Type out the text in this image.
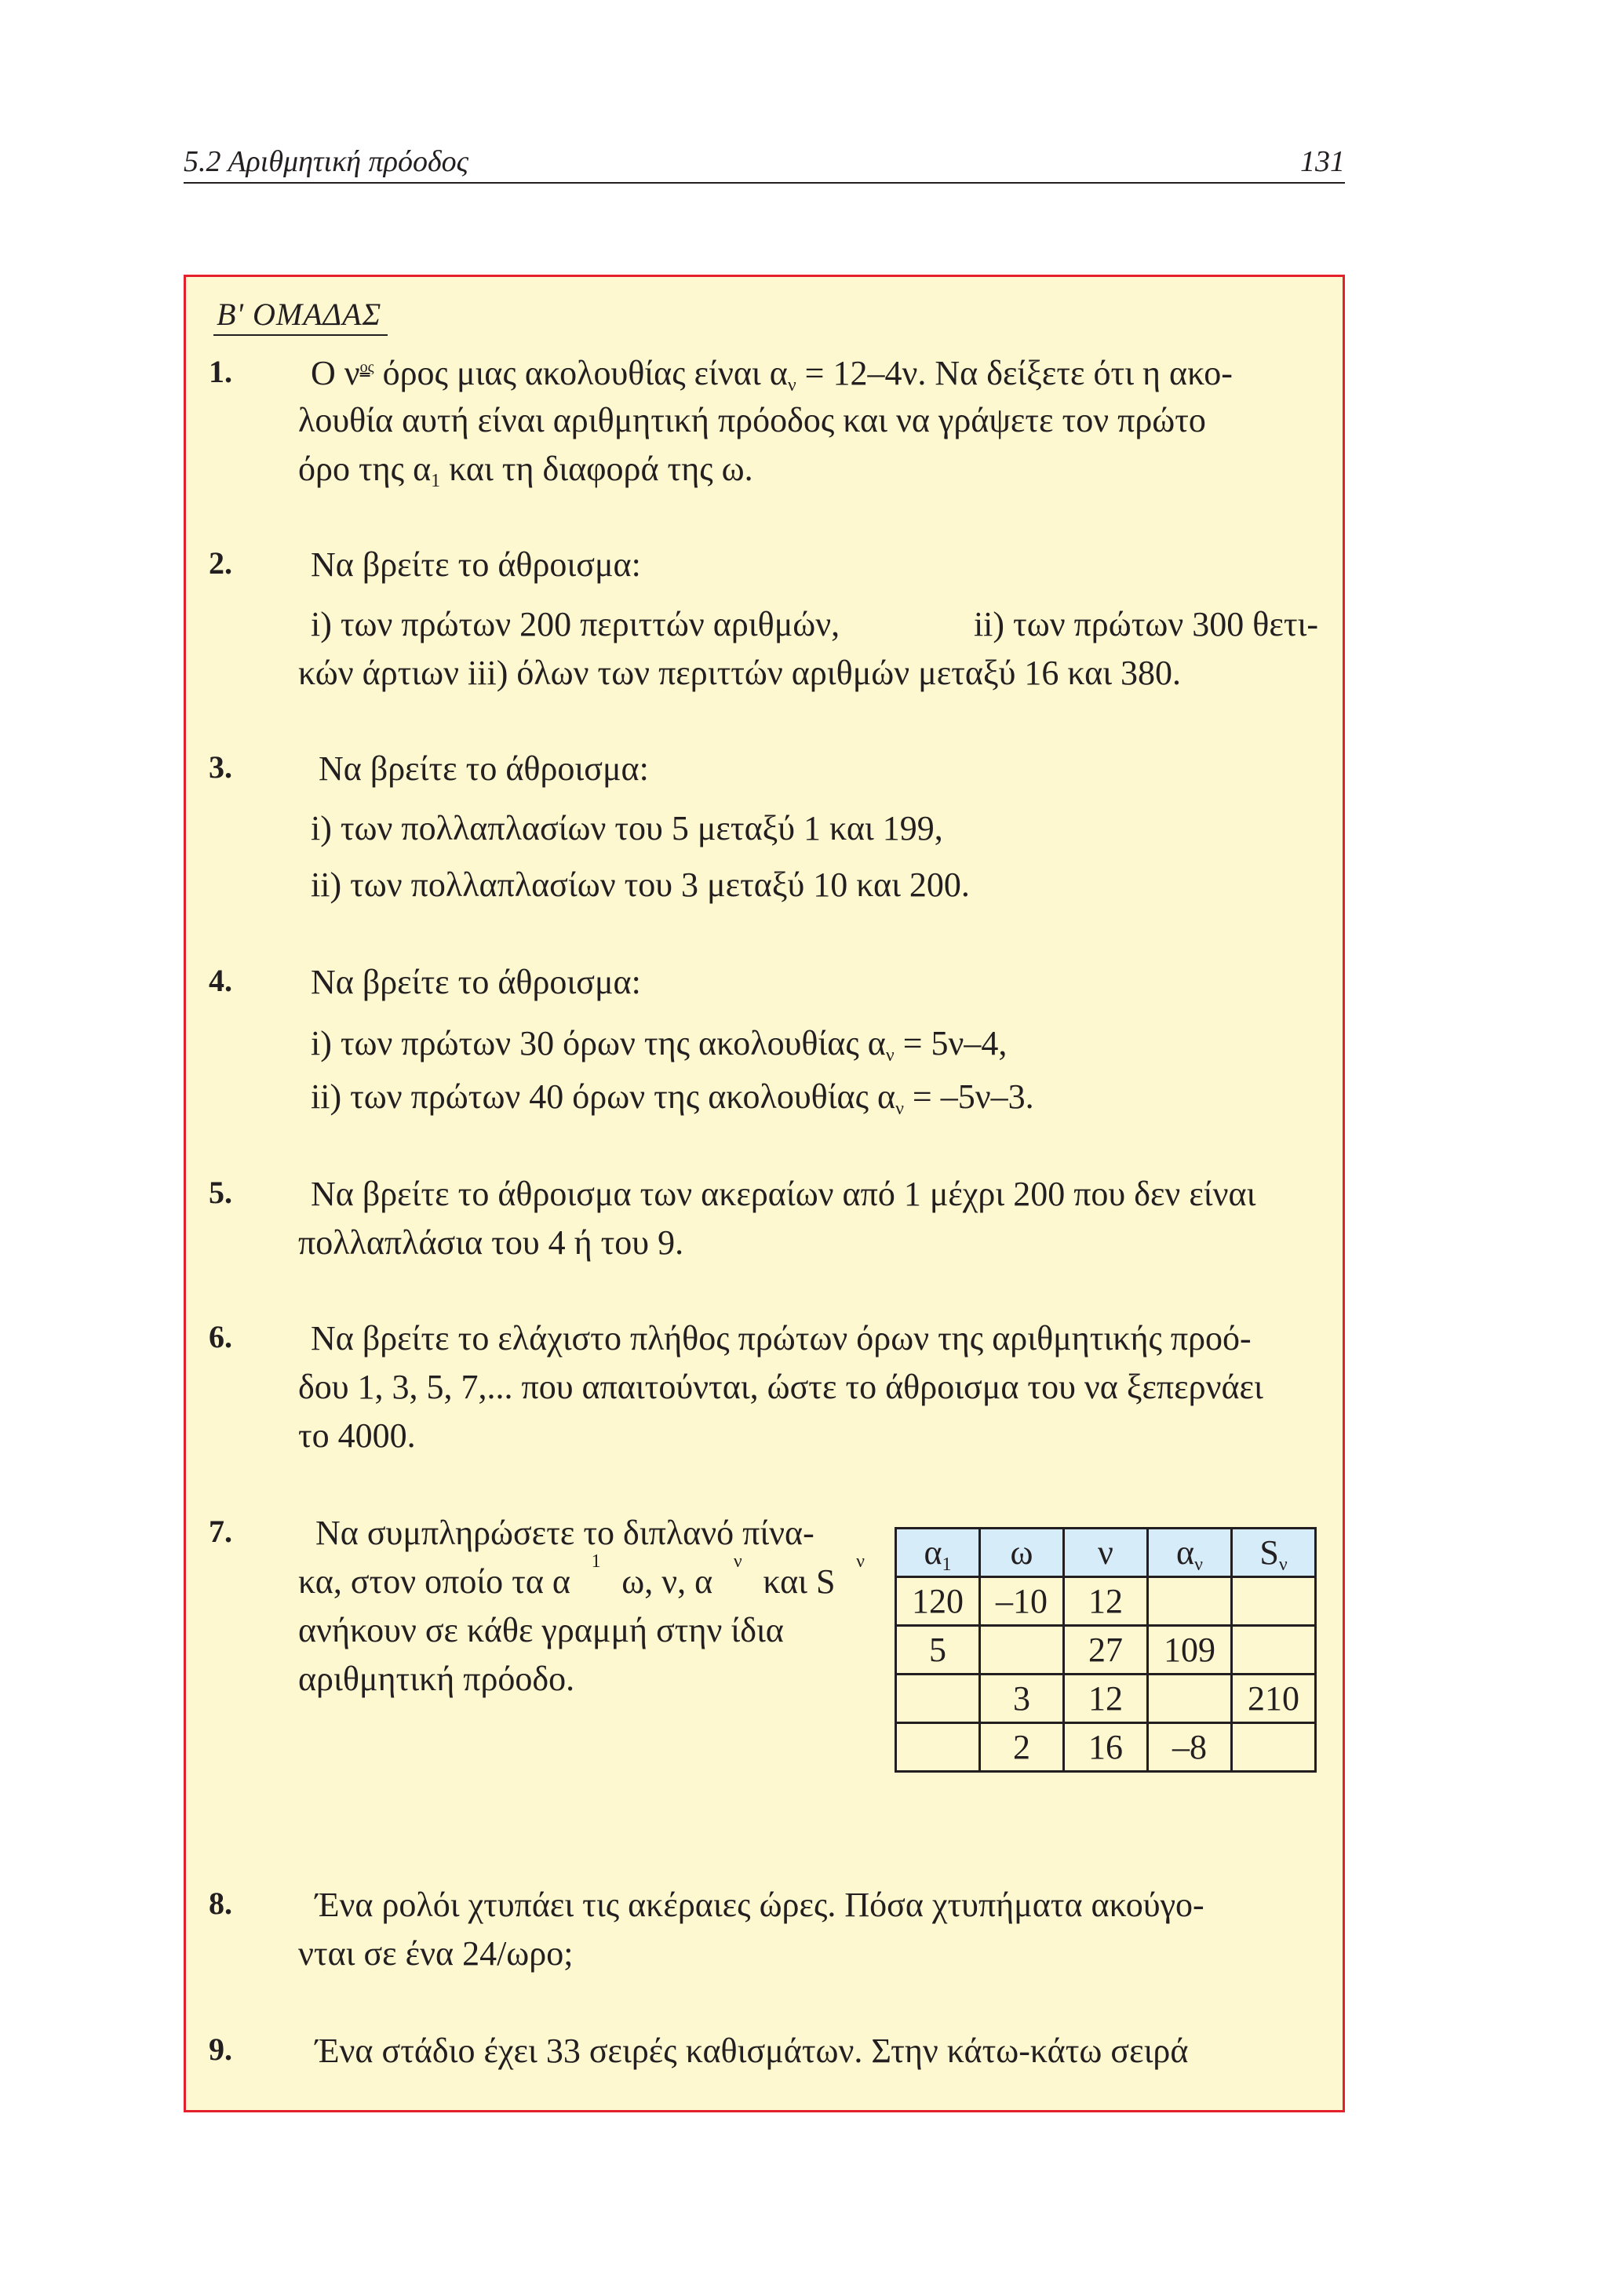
5.2 Αριθμητική πρόοδος	131
B' ΟΜΑΔΑΣ
1. Ο νος όρος μιας ακολουθίας είναι $\alpha_\nu = 12-4\nu$. Να δείξετε ότι η ακο-
λουθία αυτή είναι αριθμητική πρόοδος και να γράψετε τον πρώτο
όρο της $\alpha_1$ και τη διαφορά της ω.
2. Να βρείτε το άθροισμα:
i) των πρώτων 200 περιττών αριθμών,	ii) των πρώτων 300 θετι-
κών άρτιων iii) όλων των περιττών αριθμών μεταξύ 16 και 380.
3.	Να βρείτε το άθροισμα:
i) των πολλαπλασίων του 5 μεταξύ 1 και 199,
ii) των πολλαπλασίων του 3 μεταξύ 10 και 200.
4. Να βρείτε το άθροισμα:
i) των πρώτων 30 όρων της ακολουθίας $\alpha_\nu = 5\nu-4$,
ii) των πρώτων 40 όρων της ακολουθίας $\alpha_\nu = -5\nu-3$.
5. Να βρείτε το άθροισμα των ακεραίων από 1 μέχρι 200 που δεν είναι
πολλαπλάσια του 4 ή του 9.
6. Να βρείτε το ελάχιστο πλήθος πρώτων όρων της αριθμητικής προό-
δου 1, 3, 5, 7,... που απαιτούνται, ώστε το άθροισμα του να ξεπερνάει
το 4000.
7. Να συμπληρώσετε το διπλανό πίνα-
κα, στον οποίο τα α
1
ω, ν, α
ν
και S
ν
ανήκουν σε κάθε γραμμή στην ίδια
αριθμητική πρόοδο.
$\alpha_1$	ω	ν	$\alpha_\nu$	$S_\nu$
120	–10	12		
5		27	109	
	3	12		210
	2	16	–8	
8. Ένα ρολόι χτυπάει τις ακέραιες ώρες. Πόσα χτυπήματα ακούγο-
νται σε ένα 24/ωρο;
9. Ένα στάδιο έχει 33 σειρές καθισμάτων. Στην κάτω-κάτω σειρά
